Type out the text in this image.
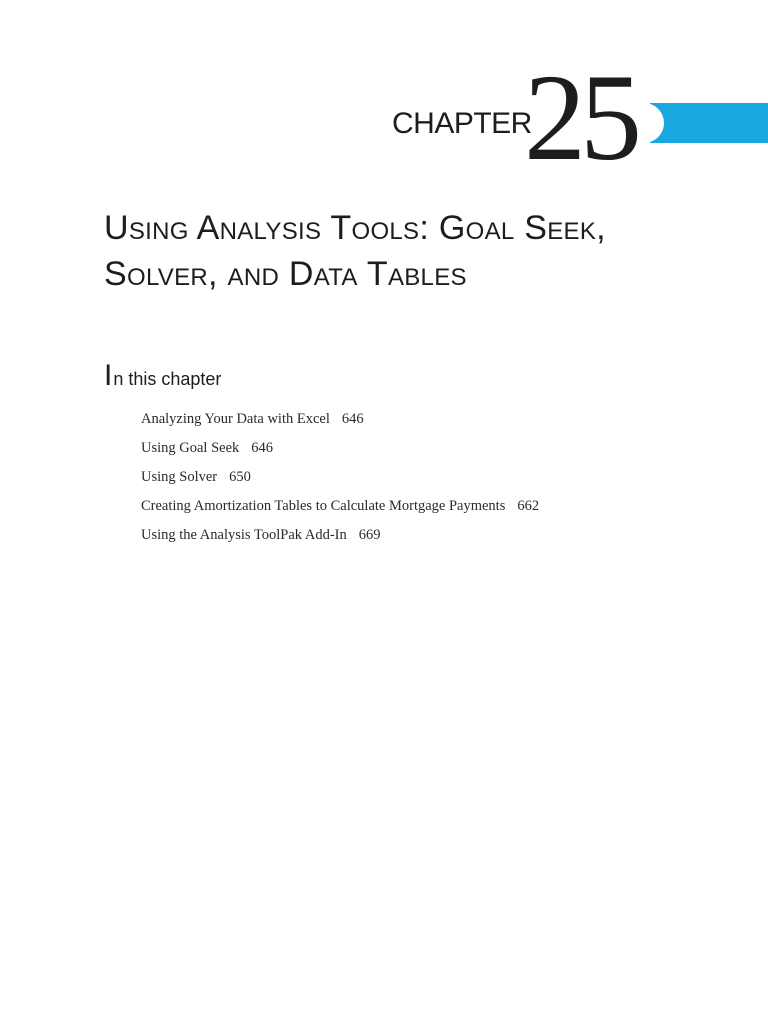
CHAPTER
25
Using Analysis Tools: Goal Seek,
Solver, and Data Tables
In this chapter
Analyzing Your Data with Excel 646
Using Goal Seek 646
Using Solver 650
Creating Amortization Tables to Calculate Mortgage Payments 662
Using the Analysis ToolPak Add-In 669
